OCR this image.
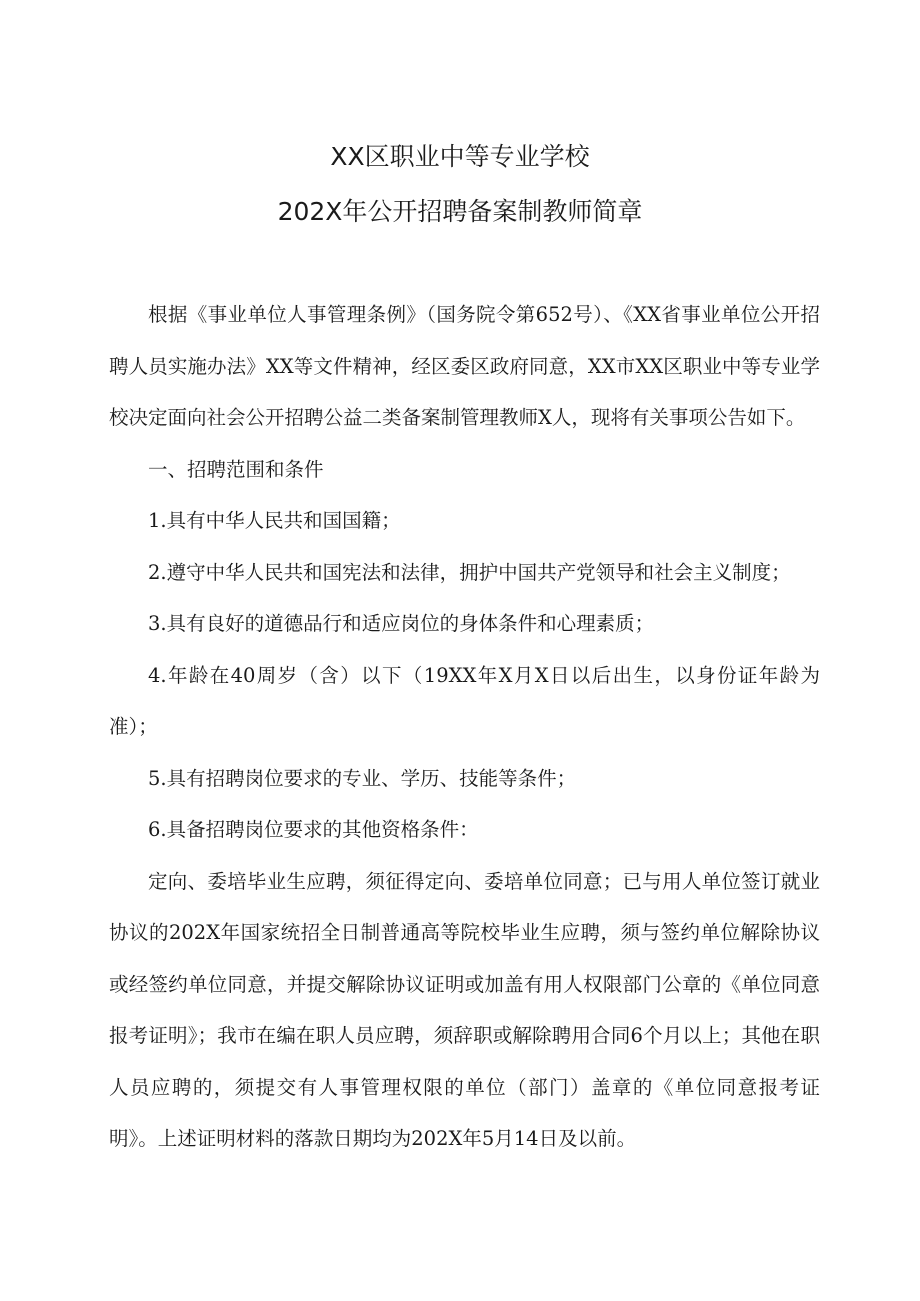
XX区职业中等专业学校
202X年公开招聘备案制教师简章

根据《事业单位人事管理条例》（国务院令第652号）、《XX省事业单位公开招聘人员实施办法》XX等文件精神，经区委区政府同意，XX市XX区职业中等专业学校决定面向社会公开招聘公益二类备案制管理教师X人，现将有关事项公告如下。

一、招聘范围和条件

1.具有中华人民共和国国籍；

2.遵守中华人民共和国宪法和法律，拥护中国共产党领导和社会主义制度；

3.具有良好的道德品行和适应岗位的身体条件和心理素质；

4.年龄在40周岁（含）以下（19XX年X月X日以后出生，以身份证年龄为准）；

5.具有招聘岗位要求的专业、学历、技能等条件；

6.具备招聘岗位要求的其他资格条件：

定向、委培毕业生应聘，须征得定向、委培单位同意；已与用人单位签订就业协议的202X年国家统招全日制普通高等院校毕业生应聘，须与签约单位解除协议或经签约单位同意，并提交解除协议证明或加盖有用人权限部门公章的《单位同意报考证明》；我市在编在职人员应聘，须辞职或解除聘用合同6个月以上；其他在职人员应聘的，须提交有人事管理权限的单位（部门）盖章的《单位同意报考证明》。上述证明材料的落款日期均为202X年5月14日及以前。
